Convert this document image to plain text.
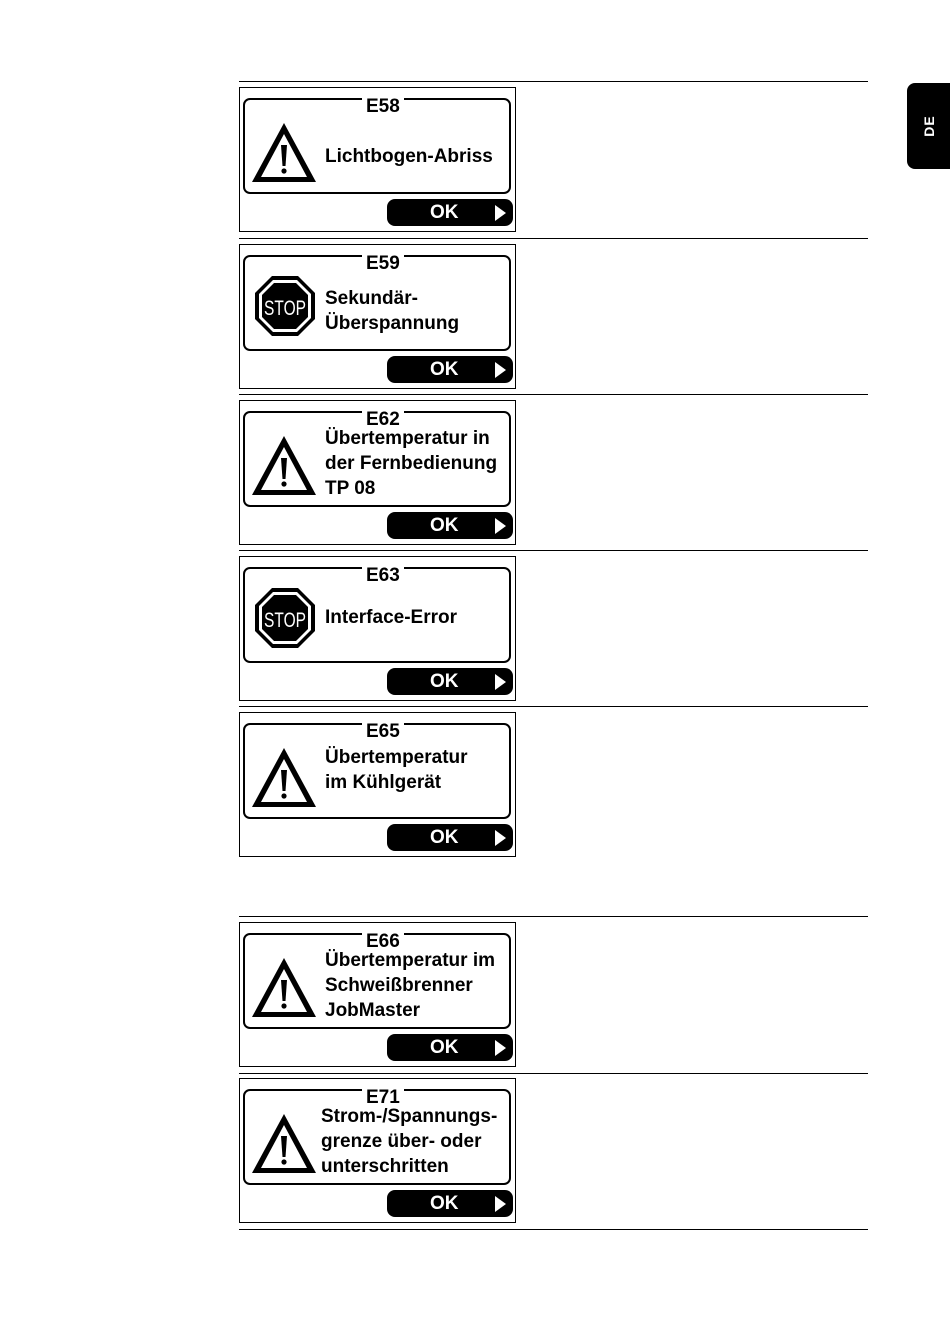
DE
E58
Lichtbogen-Abriss
OK
E59
STOP Sekundär-
Überspannung
OK
E62
Übertemperatur in
der Fernbedienung
TP 08
OK
E63
STOP Interface-Error
OK
E65
Übertemperatur
im Kühlgerät
OK
E66
Übertemperatur im
Schweißbrenner
JobMaster
OK
E71
Strom-/Spannungs-
grenze über- oder
unterschritten
OK
